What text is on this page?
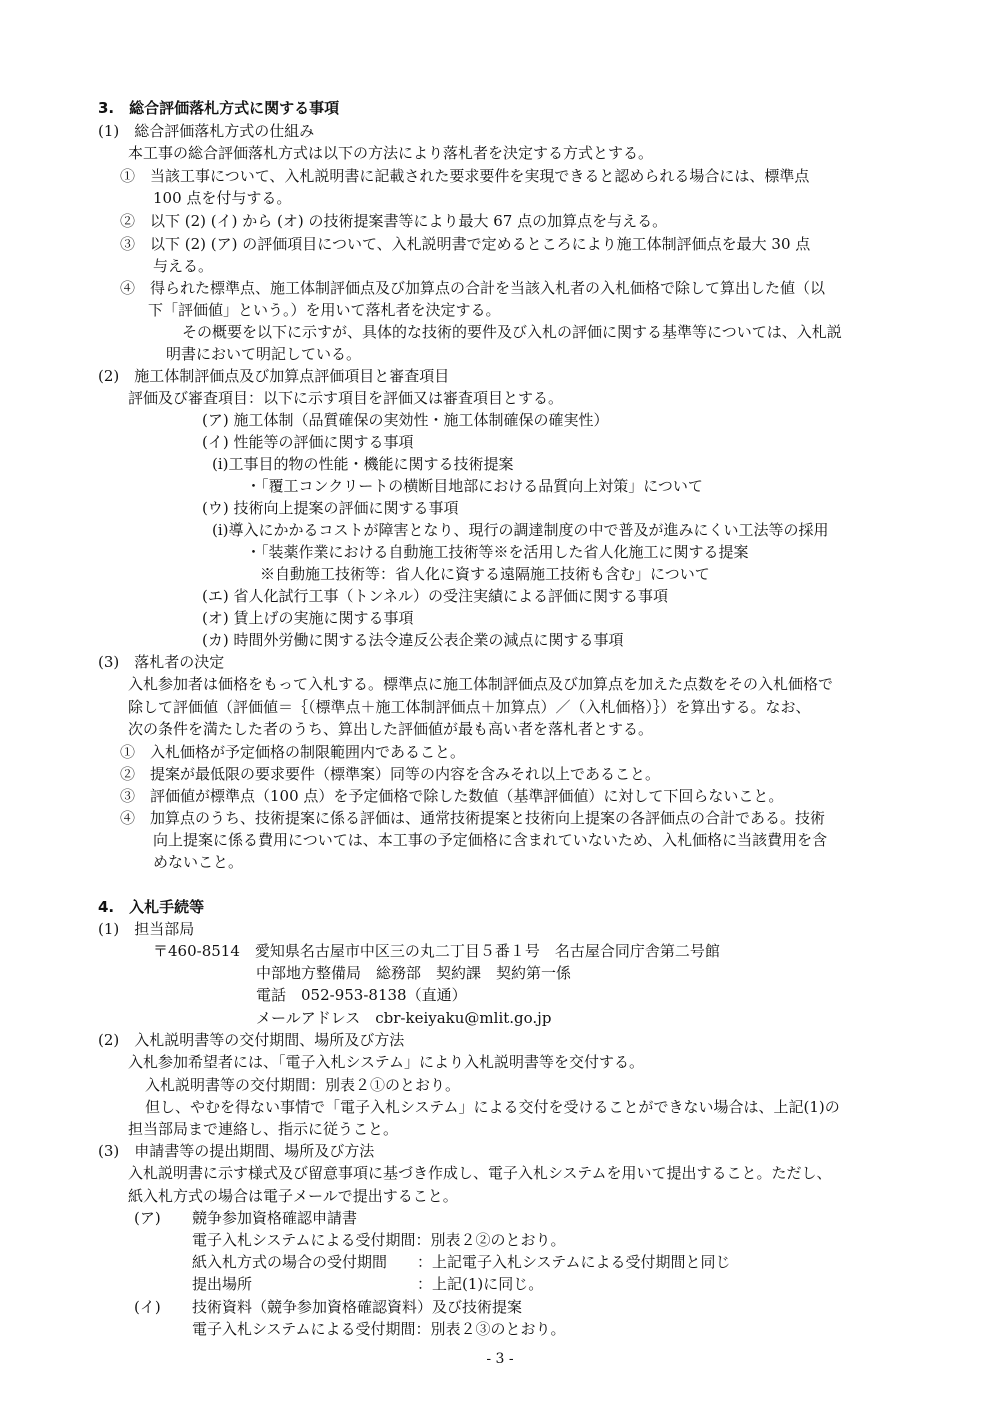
3.　総合評価落札方式に関する事項
(1)　総合評価落札方式の仕組み
本工事の総合評価落札方式は以下の方法により落札者を決定する方式とする。
①　当該工事について、入札説明書に記載された要求要件を実現できると認められる場合には、標準点
100 点を付与する。
②　以下 (2) (イ) から (オ) の技術提案書等により最大 67 点の加算点を与える。
③　以下 (2) (ア) の評価項目について、入札説明書で定めるところにより施工体制評価点を最大 30 点
与える。
④　得られた標準点、施工体制評価点及び加算点の合計を当該入札者の入札価格で除して算出した値（以
下「評価値」という。）を用いて落札者を決定する。
その概要を以下に示すが、具体的な技術的要件及び入札の評価に関する基準等については、入札説
明書において明記している。
(2)　施工体制評価点及び加算点評価項目と審査項目
評価及び審査項目：以下に示す項目を評価又は審査項目とする。
(ア) 施工体制（品質確保の実効性・施工体制確保の確実性）
(イ) 性能等の評価に関する事項
(ⅰ)工事目的物の性能・機能に関する技術提案
・「覆工コンクリートの横断目地部における品質向上対策」について
(ウ) 技術向上提案の評価に関する事項
(ⅰ)導入にかかるコストが障害となり、現行の調達制度の中で普及が進みにくい工法等の採用
・「装薬作業における自動施工技術等※を活用した省人化施工に関する提案
※自動施工技術等：省人化に資する遠隔施工技術も含む」について
(エ) 省人化試行工事（トンネル）の受注実績による評価に関する事項
(オ) 賃上げの実施に関する事項
(カ) 時間外労働に関する法令違反公表企業の減点に関する事項
(3)　落札者の決定
入札参加者は価格をもって入札する。標準点に施工体制評価点及び加算点を加えた点数をその入札価格で
除して評価値（評価値＝｛（標準点＋施工体制評価点＋加算点）／（入札価格）｝）を算出する。なお、
次の条件を満たした者のうち、算出した評価値が最も高い者を落札者とする。
①　入札価格が予定価格の制限範囲内であること。
②　提案が最低限の要求要件（標準案）同等の内容を含みそれ以上であること。
③　評価値が標準点（100 点）を予定価格で除した数値（基準評価値）に対して下回らないこと。
④　加算点のうち、技術提案に係る評価は、通常技術提案と技術向上提案の各評価点の合計である。技術
向上提案に係る費用については、本工事の予定価格に含まれていないため、入札価格に当該費用を含
めないこと。
4.　入札手続等
(1)　担当部局
〒460-8514　愛知県名古屋市中区三の丸二丁目５番１号　名古屋合同庁舎第二号館
中部地方整備局　総務部　契約課　契約第一係
電話　052-953-8138（直通）
メールアドレス　cbr-keiyaku@mlit.go.jp
(2)　入札説明書等の交付期間、場所及び方法
入札参加希望者には、「電子入札システム」により入札説明書等を交付する。
入札説明書等の交付期間：別表２①のとおり。
但し、やむを得ない事情で「電子入札システム」による交付を受けることができない場合は、上記(1)の
担当部局まで連絡し、指示に従うこと。
(3)　申請書等の提出期間、場所及び方法
入札説明書に示す様式及び留意事項に基づき作成し、電子入札システムを用いて提出すること。ただし、
紙入札方式の場合は電子メールで提出すること。
(ア) 競争参加資格確認申請書
電子入札システムによる受付期間：別表２②のとおり。
紙入札方式の場合の受付期間　　：上記電子入札システムによる受付期間と同じ
提出場所　　　　　　　　　　　：上記(1)に同じ。
(イ) 技術資料（競争参加資格確認資料）及び技術提案
電子入札システムによる受付期間：別表２③のとおり。
- 3 -
